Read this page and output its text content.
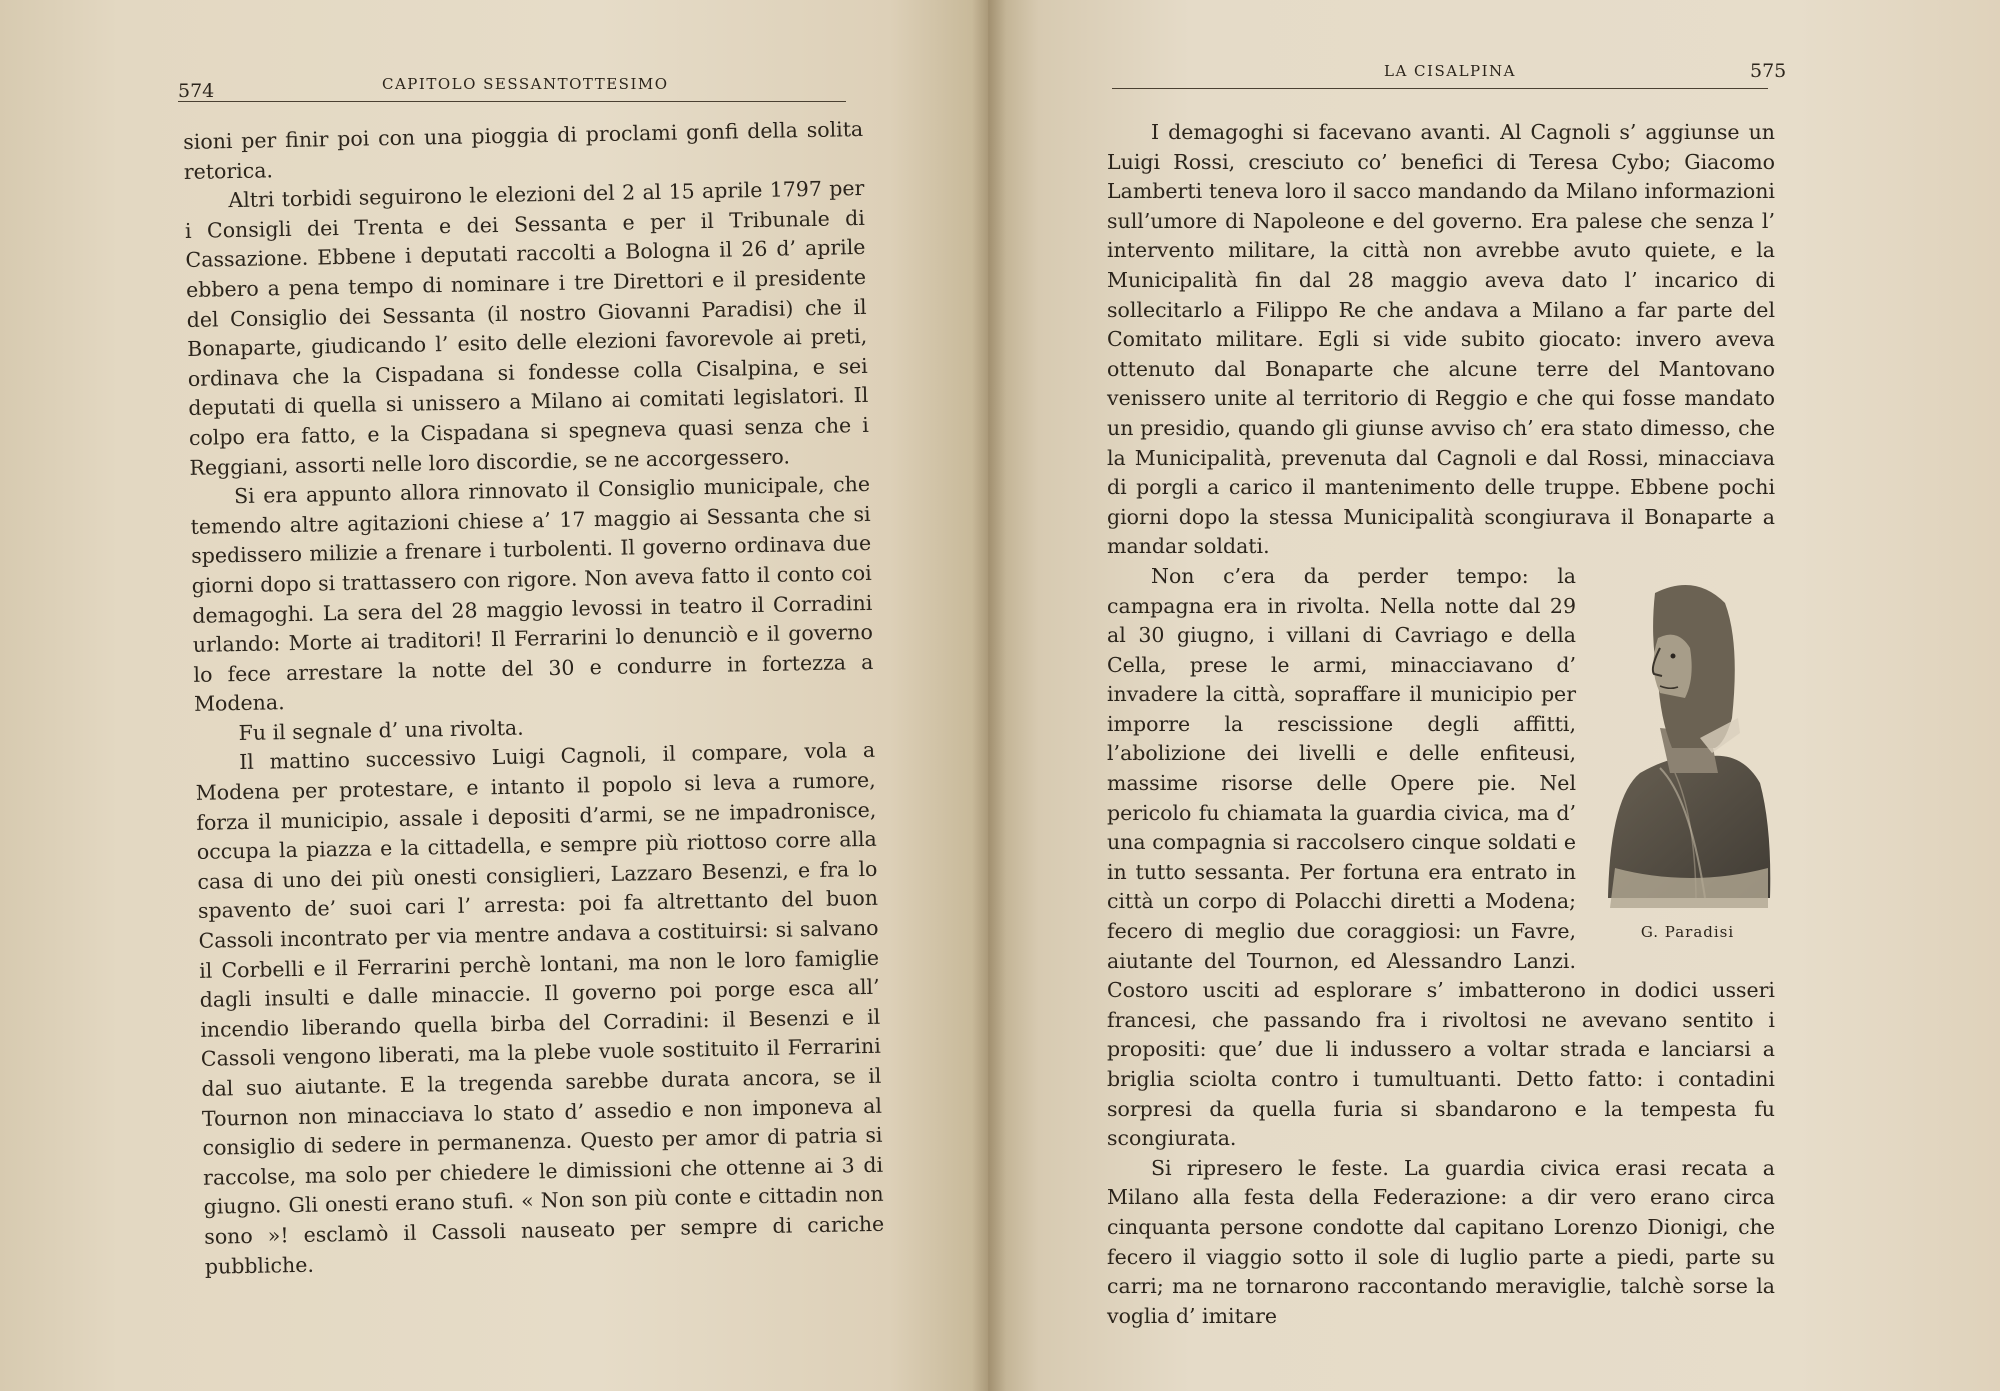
574	CAPITOLO SESSANTOTTESIMO

sioni per finir poi con una pioggia di proclami gonfi della solita retorica.

Altri torbidi seguirono le elezioni del 2 al 15 aprile 1797 per i Consigli dei Trenta e dei Sessanta e per il Tribunale di Cassazione. Ebbene i deputati raccolti a Bologna il 26 d’ aprile ebbero a pena tempo di nominare i tre Direttori e il presidente del Consiglio dei Sessanta (il nostro Giovanni Paradisi) che il Bonaparte, giudicando l’ esito delle elezioni favorevole ai preti, ordinava che la Cispadana si fondesse colla Cisalpina, e sei deputati di quella si unissero a Milano ai comitati legislatori. Il colpo era fatto, e la Cispadana si spegneva quasi senza che i Reggiani, assorti nelle loro discordie, se ne accorgessero.

Si era appunto allora rinnovato il Consiglio municipale, che temendo altre agitazioni chiese a’ 17 maggio ai Sessanta che si spedissero milizie a frenare i turbolenti. Il governo ordinava due giorni dopo si trattassero con rigore. Non aveva fatto il conto coi demagoghi. La sera del 28 maggio levossi in teatro il Corradini urlando: Morte ai traditori! Il Ferrarini lo denunciò e il governo lo fece arrestare la notte del 30 e condurre in fortezza a Modena.

Fu il segnale d’ una rivolta.

Il mattino successivo Luigi Cagnoli, il compare, vola a Modena per protestare, e intanto il popolo si leva a rumore, forza il municipio, assale i depositi d’armi, se ne impadronisce, occupa la piazza e la cittadella, e sempre più riottoso corre alla casa di uno dei più onesti consiglieri, Lazzaro Besenzi, e fra lo spavento de’ suoi cari l’ arresta: poi fa altrettanto del buon Cassoli incontrato per via mentre andava a costituirsi: si salvano il Corbelli e il Ferrarini perchè lontani, ma non le loro famiglie dagli insulti e dalle minaccie. Il governo poi porge esca all’ incendio liberando quella birba del Corradini: il Besenzi e il Cassoli vengono liberati, ma la plebe vuole sostituito il Ferrarini dal suo aiutante. E la tregenda sarebbe durata ancora, se il Tournon non minacciava lo stato d’ assedio e non imponeva al consiglio di sedere in permanenza. Questo per amor di patria si raccolse, ma solo per chiedere le dimissioni che ottenne ai 3 di giugno. Gli onesti erano stufi. « Non son più conte e cittadin non sono »! esclamò il Cassoli nauseato per sempre di cariche pubbliche.

LA CISALPINA	575

I demagoghi si facevano avanti. Al Cagnoli s’ aggiunse un Luigi Rossi, cresciuto co’ benefici di Teresa Cybo; Giacomo Lamberti teneva loro il sacco mandando da Milano informazioni sull’umore di Napoleone e del governo. Era palese che senza l’ intervento militare, la città non avrebbe avuto quiete, e la Municipalità fin dal 28 maggio aveva dato l’ incarico di sollecitarlo a Filippo Re che andava a Milano a far parte del Comitato militare. Egli si vide subito giocato: invero aveva ottenuto dal Bonaparte che alcune terre del Mantovano venissero unite al territorio di Reggio e che qui fosse mandato un presidio, quando gli giunse avviso ch’ era stato dimesso, che la Municipalità, prevenuta dal Cagnoli e dal Rossi, minacciava di porgli a carico il mantenimento delle truppe. Ebbene pochi giorni dopo la stessa Municipalità scongiurava il Bonaparte a mandar soldati.

G. Paradisi

Non c’era da perder tempo: la campagna era in rivolta. Nella notte dal 29 al 30 giugno, i villani di Cavriago e della Cella, prese le armi, minacciavano d’ invadere la città, sopraffare il municipio per imporre la rescissione degli affitti, l’abolizione dei livelli e delle enfiteusi, massime risorse delle Opere pie. Nel pericolo fu chiamata la guardia civica, ma d’ una compagnia si raccolsero cinque soldati e in tutto sessanta. Per fortuna era entrato in città un corpo di Polacchi diretti a Modena; fecero di meglio due coraggiosi: un Favre, aiutante del Tournon, ed Alessandro Lanzi. Costoro usciti ad esplorare s’ imbatterono in dodici usseri francesi, che passando fra i rivoltosi ne avevano sentito i propositi: que’ due li indussero a voltar strada e lanciarsi a briglia sciolta contro i tumultuanti. Detto fatto: i contadini sorpresi da quella furia si sbandarono e la tempesta fu scongiurata.

Si ripresero le feste. La guardia civica erasi recata a Milano alla festa della Federazione: a dir vero erano circa cinquanta persone condotte dal capitano Lorenzo Dionigi, che fecero il viaggio sotto il sole di luglio parte a piedi, parte su carri; ma ne tornarono raccontando meraviglie, talchè sorse la voglia d’ imitare
